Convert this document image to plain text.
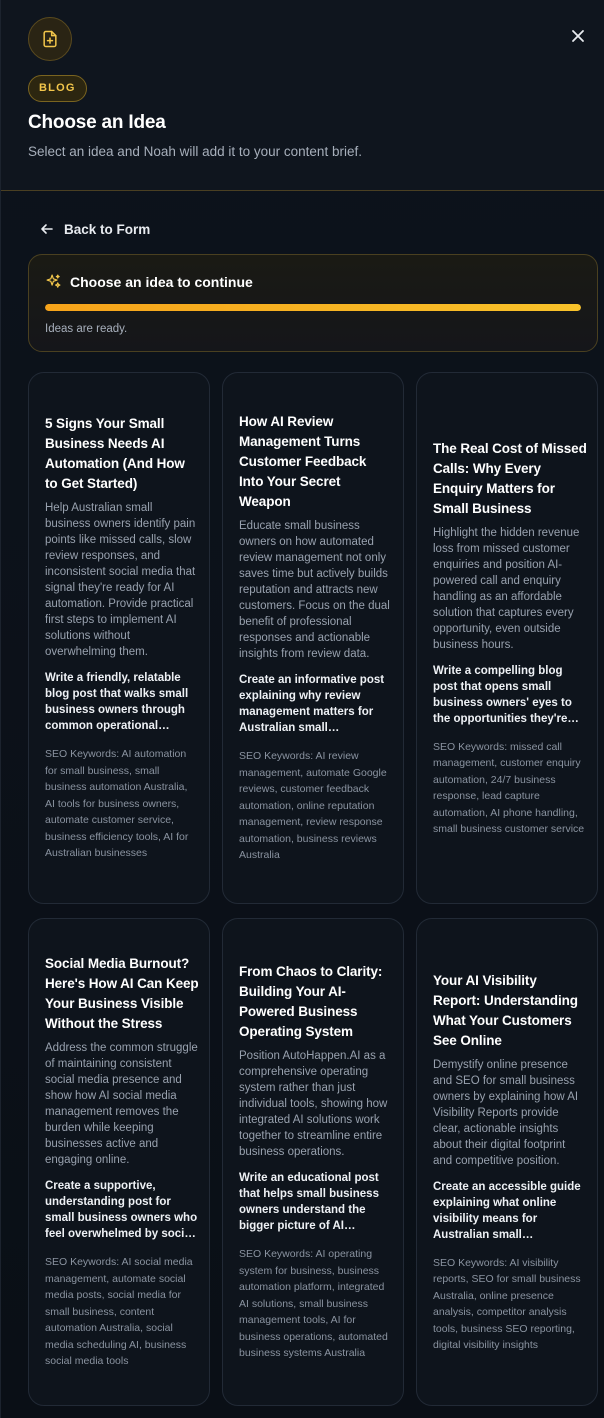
BLOG
Choose an Idea
Select an idea and Noah will add it to your content brief.
Back to Form
Choose an idea to continue
Ideas are ready.
5 Signs Your Small Business Needs AI Automation (And How to Get Started)
Help Australian small business owners identify pain points like missed calls, slow review responses, and inconsistent social media that signal they're ready for AI automation. Provide practical first steps to implement AI solutions without overwhelming them.
Write a friendly, relatable blog post that walks small business owners through common operational…
SEO Keywords: AI automation for small business, small business automation Australia, AI tools for business owners, automate customer service, business efficiency tools, AI for Australian businesses
How AI Review Management Turns Customer Feedback Into Your Secret Weapon
Educate small business owners on how automated review management not only saves time but actively builds reputation and attracts new customers. Focus on the dual benefit of professional responses and actionable insights from review data.
Create an informative post explaining why review management matters for Australian small…
SEO Keywords: AI review management, automate Google reviews, customer feedback automation, online reputation management, review response automation, business reviews Australia
The Real Cost of Missed Calls: Why Every Enquiry Matters for Small Business
Highlight the hidden revenue loss from missed customer enquiries and position AI-powered call and enquiry handling as an affordable solution that captures every opportunity, even outside business hours.
Write a compelling blog post that opens small business owners' eyes to the opportunities they're…
SEO Keywords: missed call management, customer enquiry automation, 24/7 business response, lead capture automation, AI phone handling, small business customer service
Social Media Burnout? Here's How AI Can Keep Your Business Visible Without the Stress
Address the common struggle of maintaining consistent social media presence and show how AI social media management removes the burden while keeping businesses active and engaging online.
Create a supportive, understanding post for small business owners who feel overwhelmed by soci…
SEO Keywords: AI social media management, automate social media posts, social media for small business, content automation Australia, social media scheduling AI, business social media tools
From Chaos to Clarity: Building Your AI-Powered Business Operating System
Position AutoHappen.AI as a comprehensive operating system rather than just individual tools, showing how integrated AI solutions work together to streamline entire business operations.
Write an educational post that helps small business owners understand the bigger picture of AI…
SEO Keywords: AI operating system for business, business automation platform, integrated AI solutions, small business management tools, AI for business operations, automated business systems Australia
Your AI Visibility Report: Understanding What Your Customers See Online
Demystify online presence and SEO for small business owners by explaining how AI Visibility Reports provide clear, actionable insights about their digital footprint and competitive position.
Create an accessible guide explaining what online visibility means for Australian small…
SEO Keywords: AI visibility reports, SEO for small business Australia, online presence analysis, competitor analysis tools, business SEO reporting, digital visibility insights
